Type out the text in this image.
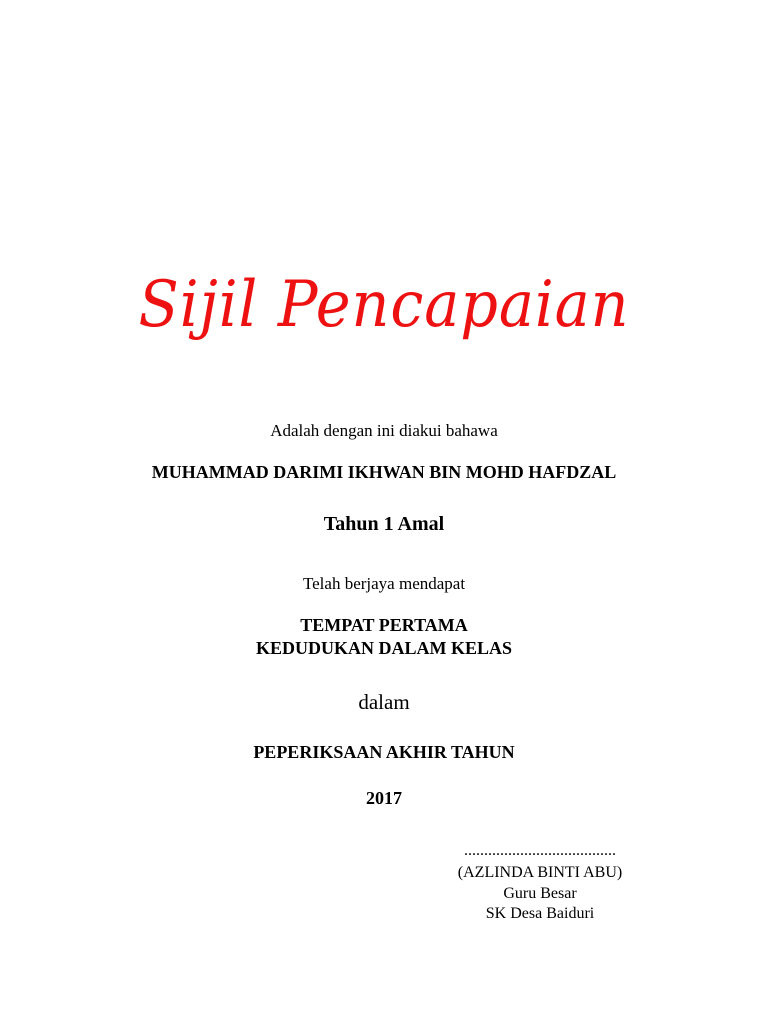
Sijil Pencapaian
Adalah dengan ini diakui bahawa
MUHAMMAD DARIMI IKHWAN BIN MOHD HAFDZAL
Tahun 1 Amal
Telah berjaya mendapat
TEMPAT PERTAMA
KEDUDUKAN DALAM KELAS
dalam
PEPERIKSAAN AKHIR TAHUN
2017
......................................
(AZLINDA BINTI ABU)
Guru Besar
SK Desa Baiduri
